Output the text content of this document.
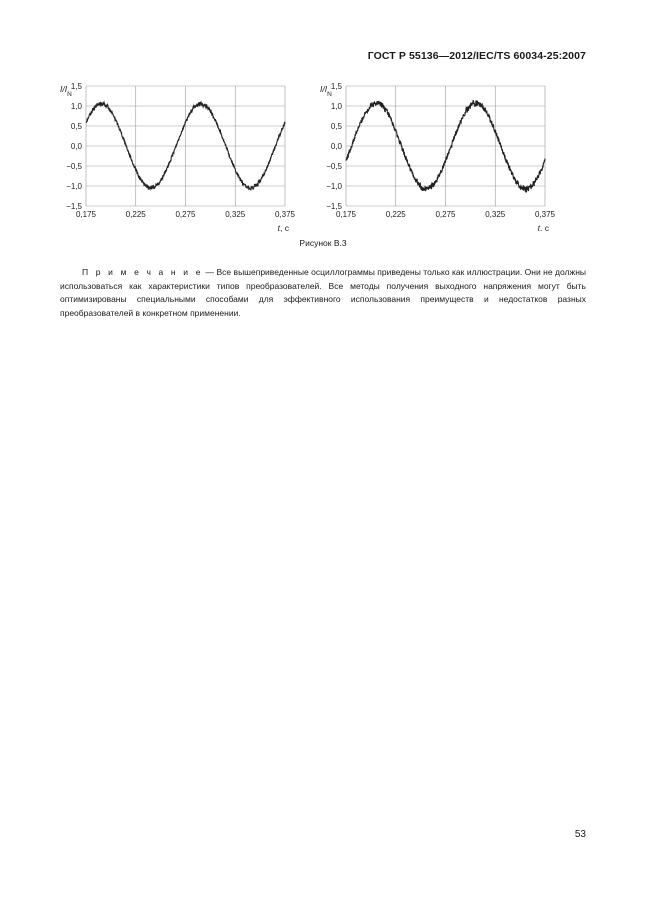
ГОСТ Р 55136—2012/IEC/TS 60034-25:2007
1,5
1,0
0,5
0,0
−0,5
−1,0
−1,5
0,175	0,225	0,275	0,325	0,375
$I/I_N$
t, c
1,5
1,0
0,5
0,0
−0,5
−1,0
−1,5
0,175	0,225	0,275	0,325	0,375
$I/I_N$
t. c
Рисунок В.3
П р и м е ч а н и е — Все вышеприведенные осциллограммы приведены только как иллюстрации. Они не должны использоваться как характеристики типов преобразователей. Все методы получения выходного напряжения могут быть оптимизированы специальными способами для эффективного использования преимуществ и недостатков разных преобразователей в конкретном применении.
53
